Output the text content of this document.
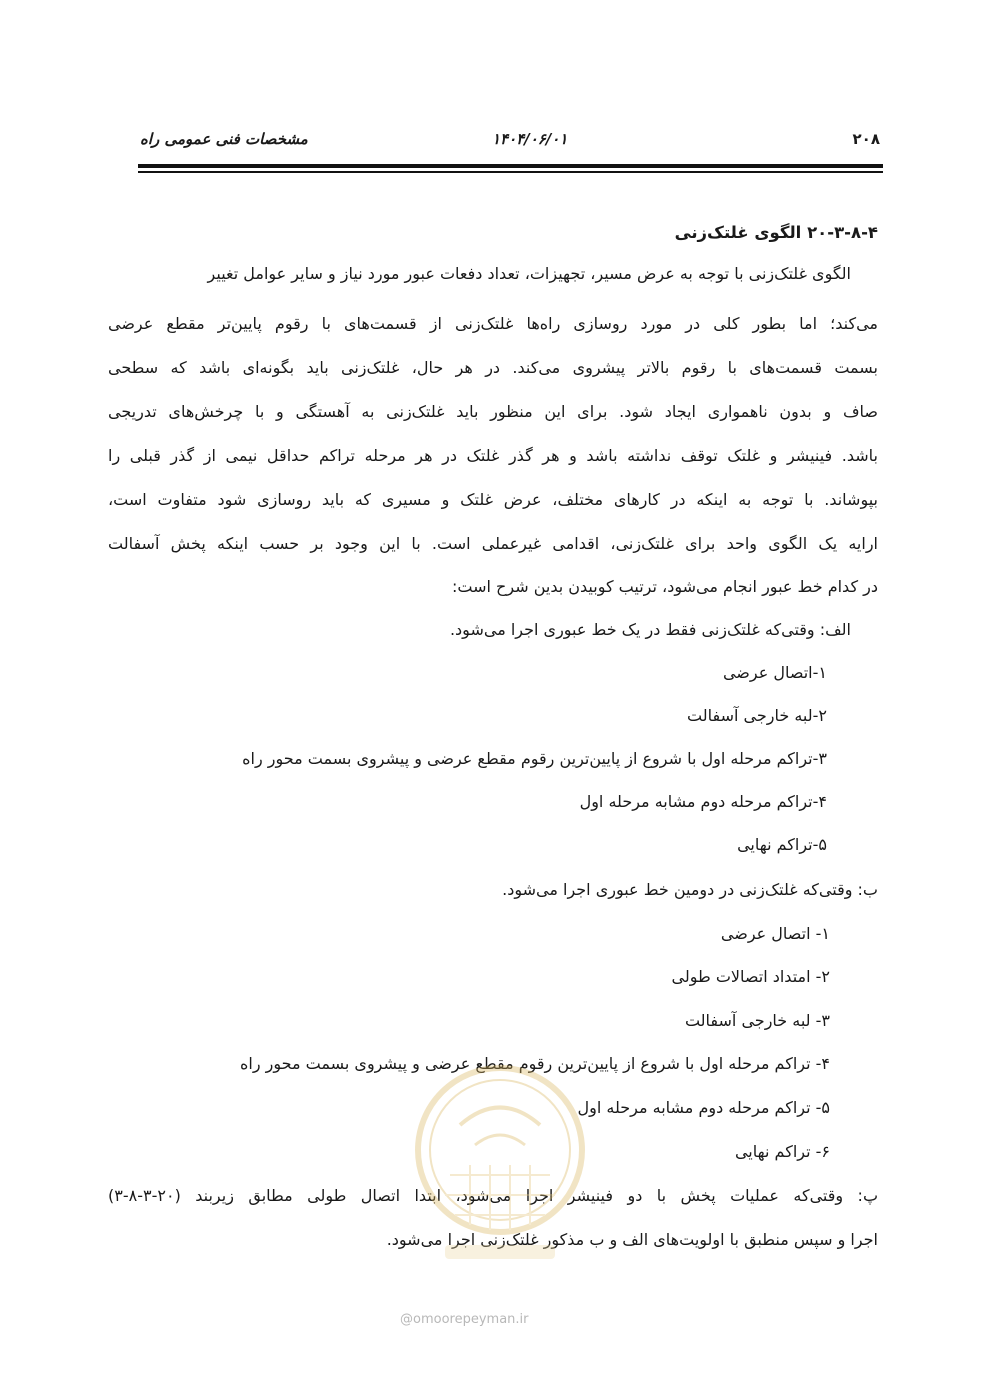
مشخصات فنی عمومی راه	۱۴۰۴/۰۶/۰۱	۲۰۸
۲۰-۳-۸-۴ الگوی غلتک‌زنی
الگوی غلتک‌زنی با توجه به عرض مسیر، تجهیزات، تعداد دفعات عبور مورد نیاز و سایر عوامل تغییر
می‌کند؛ اما بطور کلی در مورد روسازی راه‌ها غلتک‌زنی از قسمت‌های با رقوم پایین‌تر مقطع عرضی
بسمت قسمت‌های با رقوم بالاتر پیشروی می‌کند. در هر حال، غلتک‌زنی باید بگونه‌ای باشد که سطحی
صاف و بدون ناهمواری ایجاد شود. برای این منظور باید غلتک‌زنی به آهستگی و با چرخش‌های تدریجی
باشد. فینیشر و غلتک توقف نداشته باشد و هر گذر غلتک در هر مرحله تراکم حداقل نیمی از گذر قبلی را
بپوشاند. با توجه به اینکه در کارهای مختلف، عرض غلتک و مسیری که باید روسازی شود متفاوت است،
ارایه یک الگوی واحد برای غلتک‌زنی، اقدامی غیرعملی است. با این وجود بر حسب اینکه پخش آسفالت
در کدام خط عبور انجام می‌شود، ترتیب کوبیدن بدین شرح است:
الف: وقتی‌که غلتک‌زنی فقط در یک خط عبوری اجرا می‌شود.
۱-اتصال عرضی
۲-لبه خارجی آسفالت
۳-تراکم مرحله اول با شروع از پایین‌ترین رقوم مقطع عرضی و پیشروی بسمت محور راه
۴-تراکم مرحله دوم مشابه مرحله اول
۵-تراکم نهایی
ب: وقتی‌که غلتک‌زنی در دومین خط عبوری اجرا می‌شود.
۱- اتصال عرضی
۲- امتداد اتصالات طولی
۳- لبه خارجی آسفالت
۴- تراکم مرحله اول با شروع از پایین‌ترین رقوم مقطع عرضی و پیشروی بسمت محور راه
۵- تراکم مرحله دوم مشابه مرحله اول
۶- تراکم نهایی
پ: وقتی‌که عملیات پخش با دو فینیشر اجرا می‌شود، ابتدا اتصال طولی مطابق زیربند (۲۰-۳-۸-۳)
اجرا و سپس منطبق با اولویت‌های الف و ب مذکور غلتک‌زنی اجرا می‌شود.
@omoorepeyman.ir
